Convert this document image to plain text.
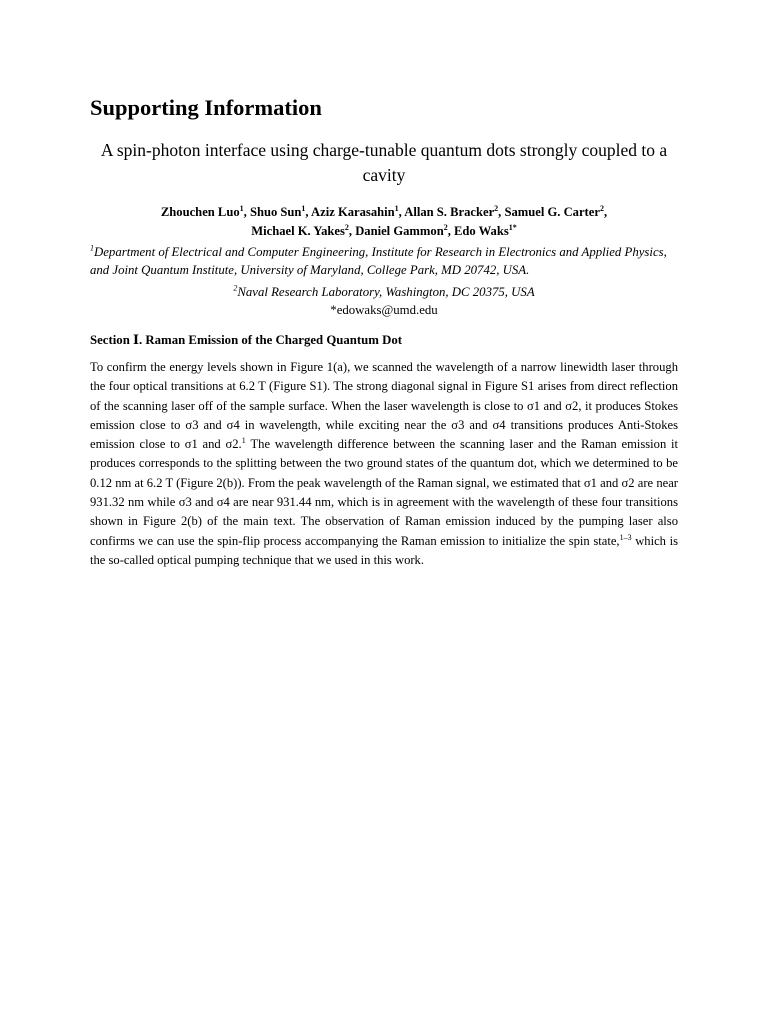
Supporting Information
A spin-photon interface using charge-tunable quantum dots strongly coupled to a cavity
Zhouchen Luo$^1$, Shuo Sun$^1$, Aziz Karasahin$^1$, Allan S. Bracker$^2$, Samuel G. Carter$^2$,
Michael K. Yakes$^2$, Daniel Gammon$^2$, Edo Waks$^{1*}$

$^1$Department of Electrical and Computer Engineering, Institute for Research in Electronics and Applied Physics, and Joint Quantum Institute, University of Maryland, College Park, MD 20742, USA.

$^2$Naval Research Laboratory, Washington, DC 20375, USA

*edowaks@umd.edu
Section Ⅰ. Raman Emission of the Charged Quantum Dot

To confirm the energy levels shown in Figure 1(a), we scanned the wavelength of a narrow linewidth laser through the four optical transitions at 6.2 T (Figure S1). The strong diagonal signal in Figure S1 arises from direct reflection of the scanning laser off of the sample surface. When the laser wavelength is close to σ1 and σ2, it produces Stokes emission close to σ3 and σ4 in wavelength, while exciting near the σ3 and σ4 transitions produces Anti-Stokes emission close to σ1 and σ2.$^1$ The wavelength difference between the scanning laser and the Raman emission it produces corresponds to the splitting between the two ground states of the quantum dot, which we determined to be 0.12 nm at 6.2 T (Figure 2(b)). From the peak wavelength of the Raman signal, we estimated that σ1 and σ2 are near 931.32 nm while σ3 and σ4 are near 931.44 nm, which is in agreement with the wavelength of these four transitions shown in Figure 2(b) of the main text. The observation of Raman emission induced by the pumping laser also confirms we can use the spin-flip process accompanying the Raman emission to initialize the spin state,$^{1-3}$ which is the so-called optical pumping technique that we used in this work.
